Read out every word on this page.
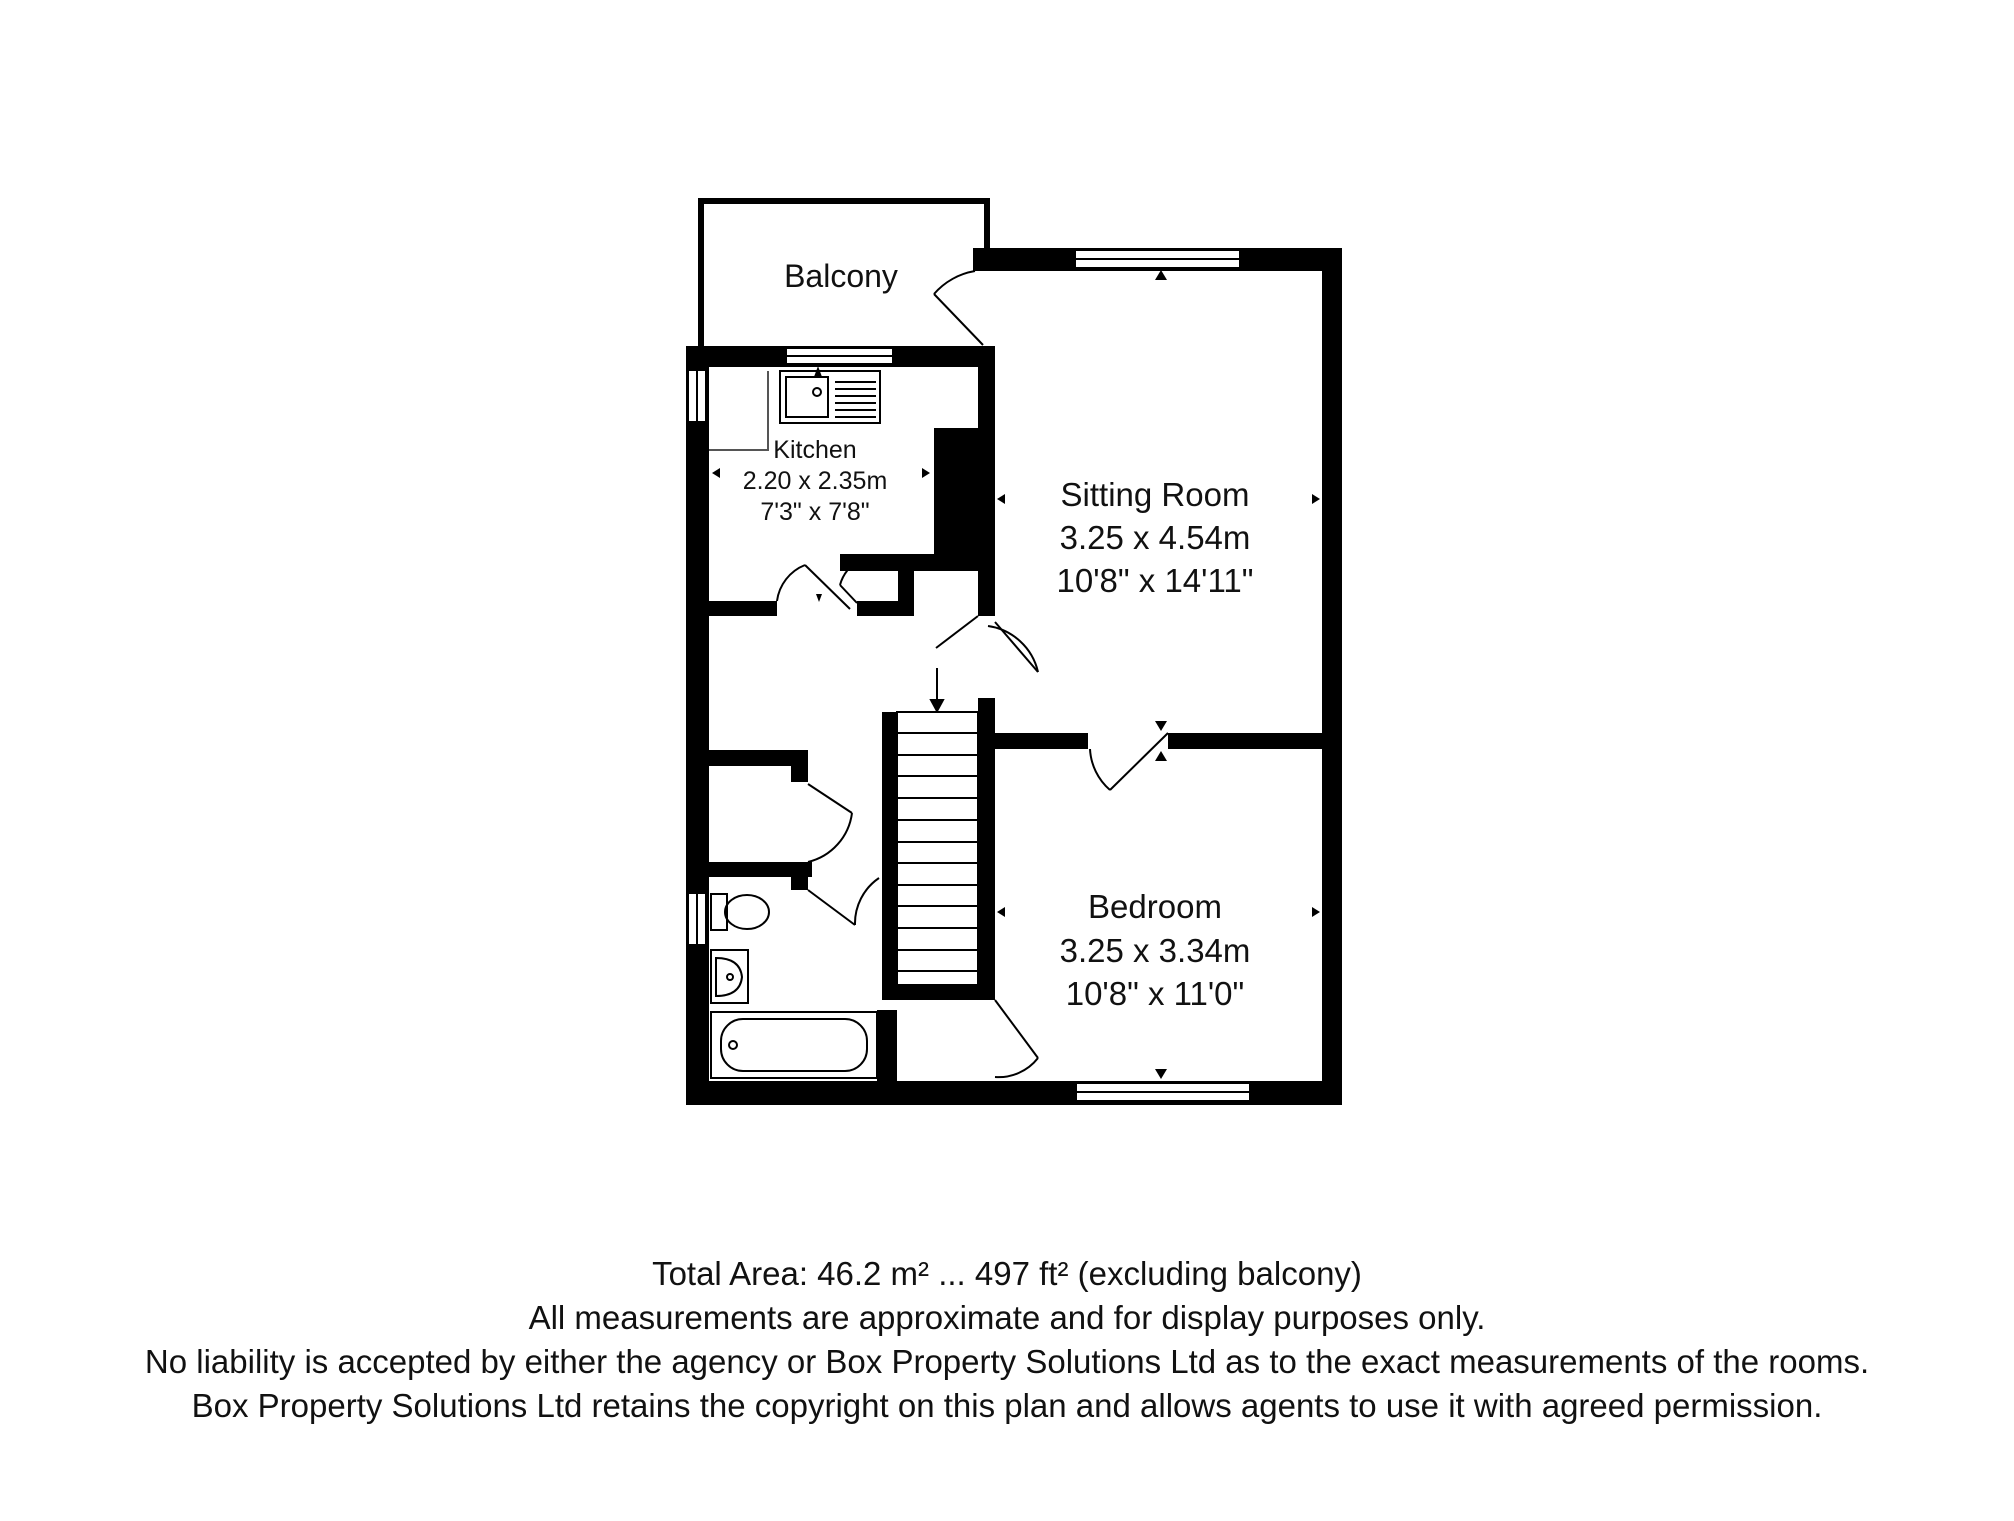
Balcony
Kitchen
2.20 x 2.35m
7'3" x 7'8"	Sitting Room
3.25 x 4.54m
10'8" x 14'11"
Bedroom
3.25 x 3.34m
10'8" x 11'0"
Total Area: 46.2 m² ... 497 ft² (excluding balcony)
All measurements are approximate and for display purposes only.
No liability is accepted by either the agency or Box Property Solutions Ltd as to the exact measurements of the rooms.
Box Property Solutions Ltd retains the copyright on this plan and allows agents to use it with agreed permission.
